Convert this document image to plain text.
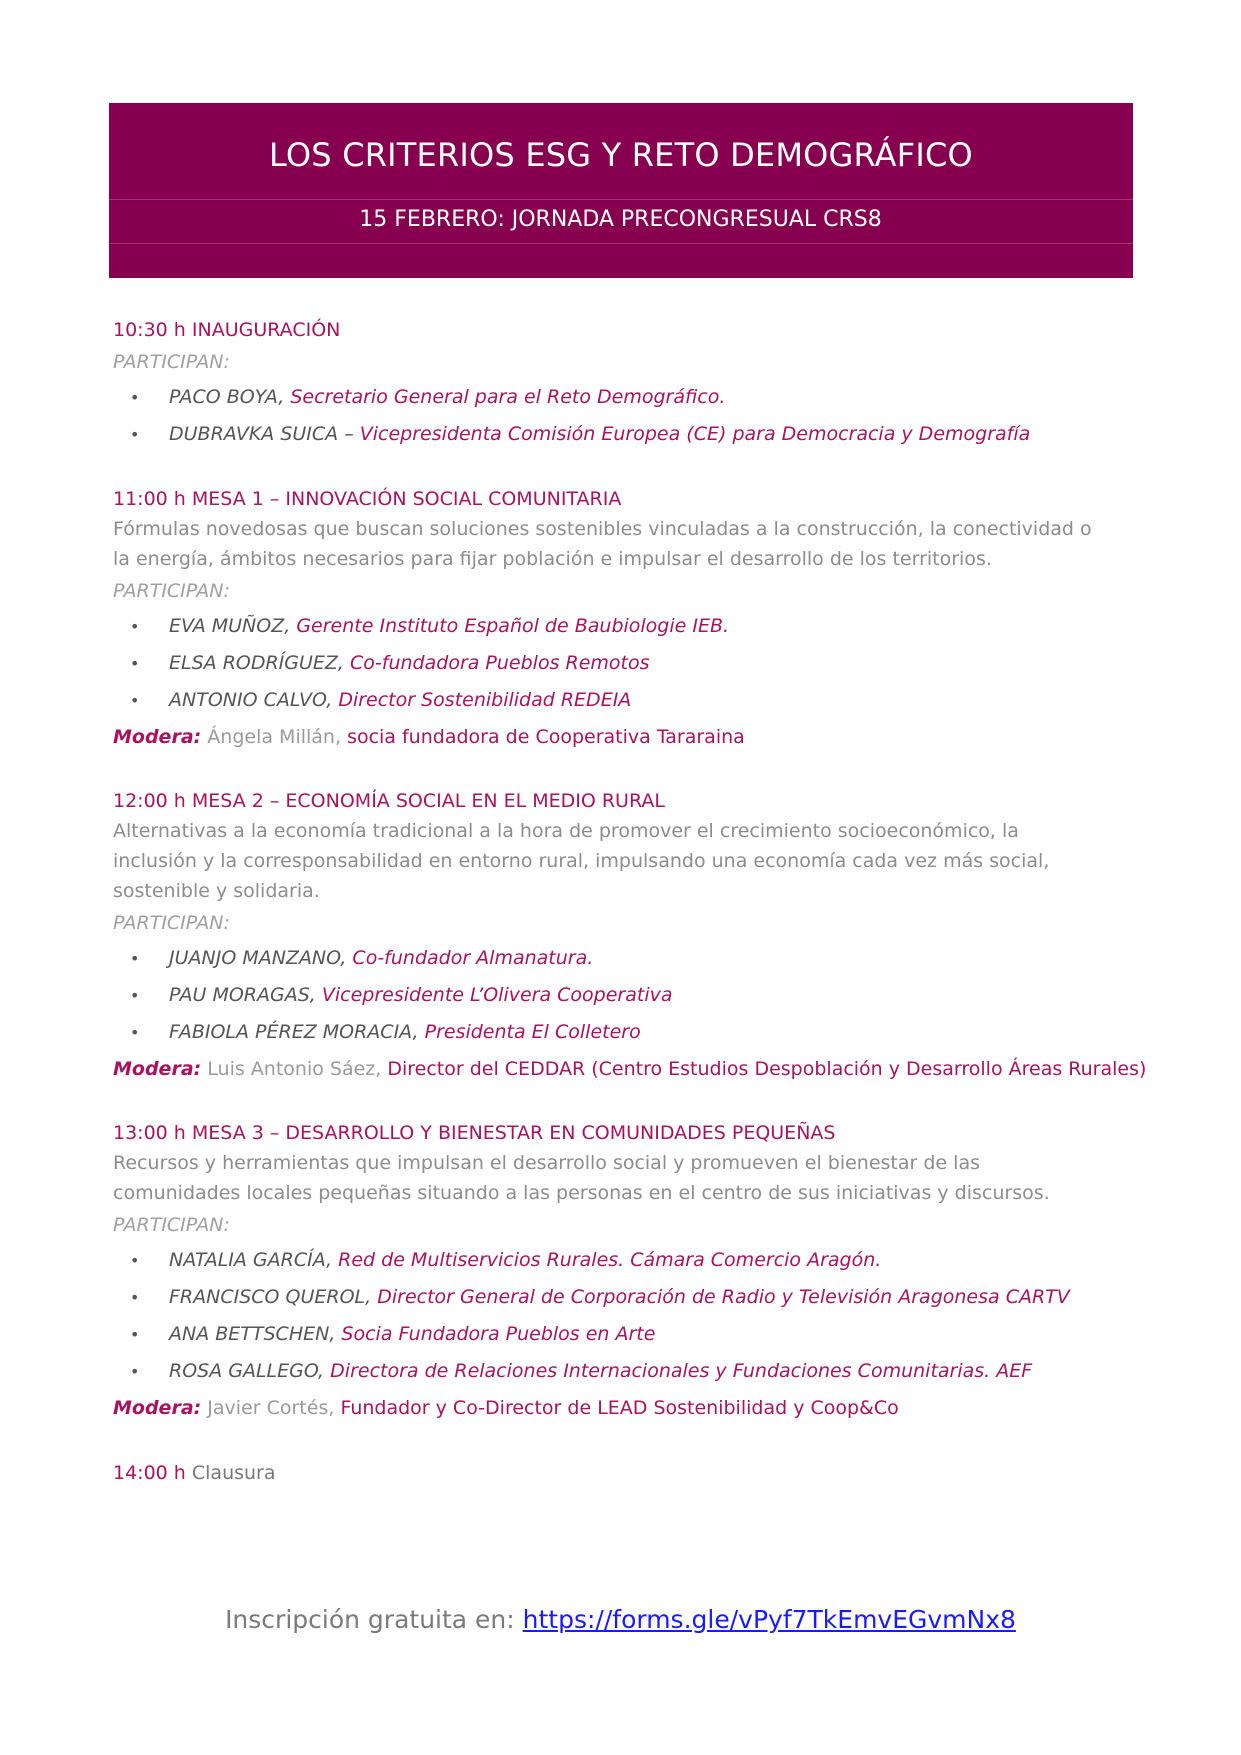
LOS CRITERIOS ESG Y RETO DEMOGRÁFICO
15 FEBRERO: JORNADA PRECONGRESUAL CRS8
10:30 h INAUGURACIÓN
PARTICIPAN:
• PACO BOYA, Secretario General para el Reto Demográfico.
• DUBRAVKA SUICA – Vicepresidenta Comisión Europea (CE) para Democracia y Demografía
11:00 h MESA 1 – INNOVACIÓN SOCIAL COMUNITARIA
Fórmulas novedosas que buscan soluciones sostenibles vinculadas a la construcción, la conectividad o
la energía, ámbitos necesarios para fijar población e impulsar el desarrollo de los territorios.
PARTICIPAN:
• EVA MUÑOZ, Gerente Instituto Español de Baubiologie IEB.
• ELSA RODRÍGUEZ, Co-fundadora Pueblos Remotos
• ANTONIO CALVO, Director Sostenibilidad REDEIA
Modera: Ángela Millán, socia fundadora de Cooperativa Tararaina
12:00 h MESA 2 – ECONOMÍA SOCIAL EN EL MEDIO RURAL
Alternativas a la economía tradicional a la hora de promover el crecimiento socioeconómico, la
inclusión y la corresponsabilidad en entorno rural, impulsando una economía cada vez más social,
sostenible y solidaria.
PARTICIPAN:
• JUANJO MANZANO, Co-fundador Almanatura.
• PAU MORAGAS, Vicepresidente L’Olivera Cooperativa
• FABIOLA PÉREZ MORACIA, Presidenta El Colletero
Modera: Luis Antonio Sáez, Director del CEDDAR (Centro Estudios Despoblación y Desarrollo Áreas Rurales)
13:00 h MESA 3 – DESARROLLO Y BIENESTAR EN COMUNIDADES PEQUEÑAS
Recursos y herramientas que impulsan el desarrollo social y promueven el bienestar de las
comunidades locales pequeñas situando a las personas en el centro de sus iniciativas y discursos.
PARTICIPAN:
• NATALIA GARCÍA, Red de Multiservicios Rurales. Cámara Comercio Aragón.
• FRANCISCO QUEROL, Director General de Corporación de Radio y Televisión Aragonesa CARTV
• ANA BETTSCHEN, Socia Fundadora Pueblos en Arte
• ROSA GALLEGO, Directora de Relaciones Internacionales y Fundaciones Comunitarias. AEF
Modera: Javier Cortés, Fundador y Co-Director de LEAD Sostenibilidad y Coop&Co
14:00 h Clausura
Inscripción gratuita en: https://forms.gle/vPyf7TkEmvEGvmNx8
